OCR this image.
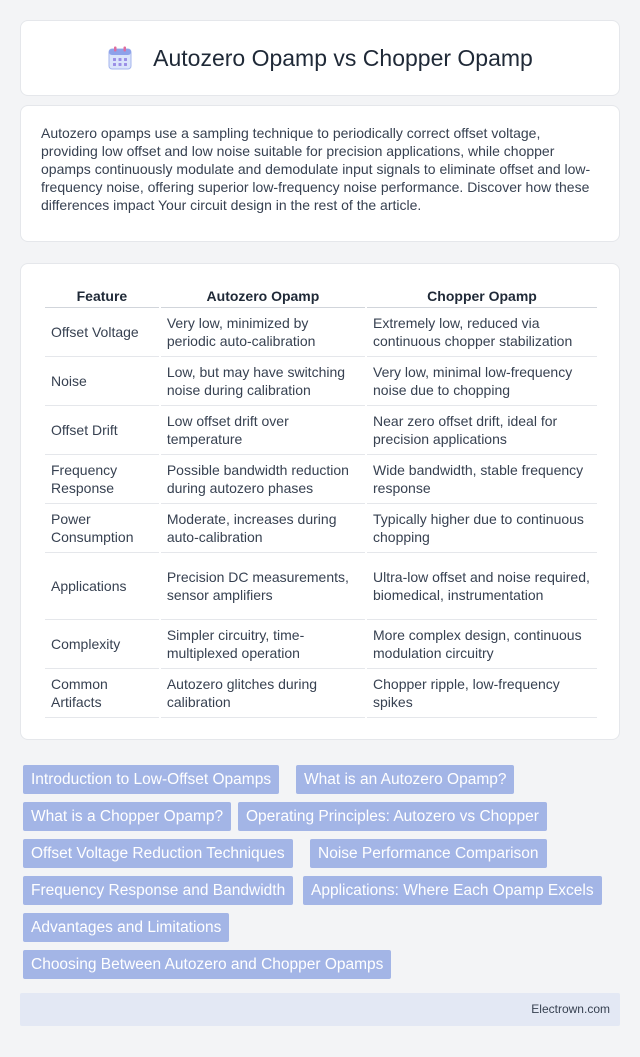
Autozero Opamp vs Chopper Opamp

Autozero opamps use a sampling technique to periodically correct offset voltage, providing low offset and low noise suitable for precision applications, while chopper opamps continuously modulate and demodulate input signals to eliminate offset and low-frequency noise, offering superior low-frequency noise performance. Discover how these differences impact Your circuit design in the rest of the article.

Feature	Autozero Opamp	Chopper Opamp
Offset Voltage	Very low, minimized by periodic auto-calibration	Extremely low, reduced via continuous chopper stabilization
Noise	Low, but may have switching noise during calibration	Very low, minimal low-frequency noise due to chopping
Offset Drift	Low offset drift over temperature	Near zero offset drift, ideal for precision applications
Frequency Response	Possible bandwidth reduction during autozero phases	Wide bandwidth, stable frequency response
Power Consumption	Moderate, increases during auto-calibration	Typically higher due to continuous chopping
Applications	Precision DC measurements, sensor amplifiers	Ultra-low offset and noise required, biomedical, instrumentation
Complexity	Simpler circuitry, time-multiplexed operation	More complex design, continuous modulation circuitry
Common Artifacts	Autozero glitches during calibration	Chopper ripple, low-frequency spikes
Introduction to Low-Offset Opamps	What is an Autozero Opamp?
What is a Chopper Opamp?	Operating Principles: Autozero vs Chopper
Offset Voltage Reduction Techniques	Noise Performance Comparison
Frequency Response and Bandwidth	Applications: Where Each Opamp Excels
Advantages and Limitations
Choosing Between Autozero and Chopper Opamps
Electrown.com
